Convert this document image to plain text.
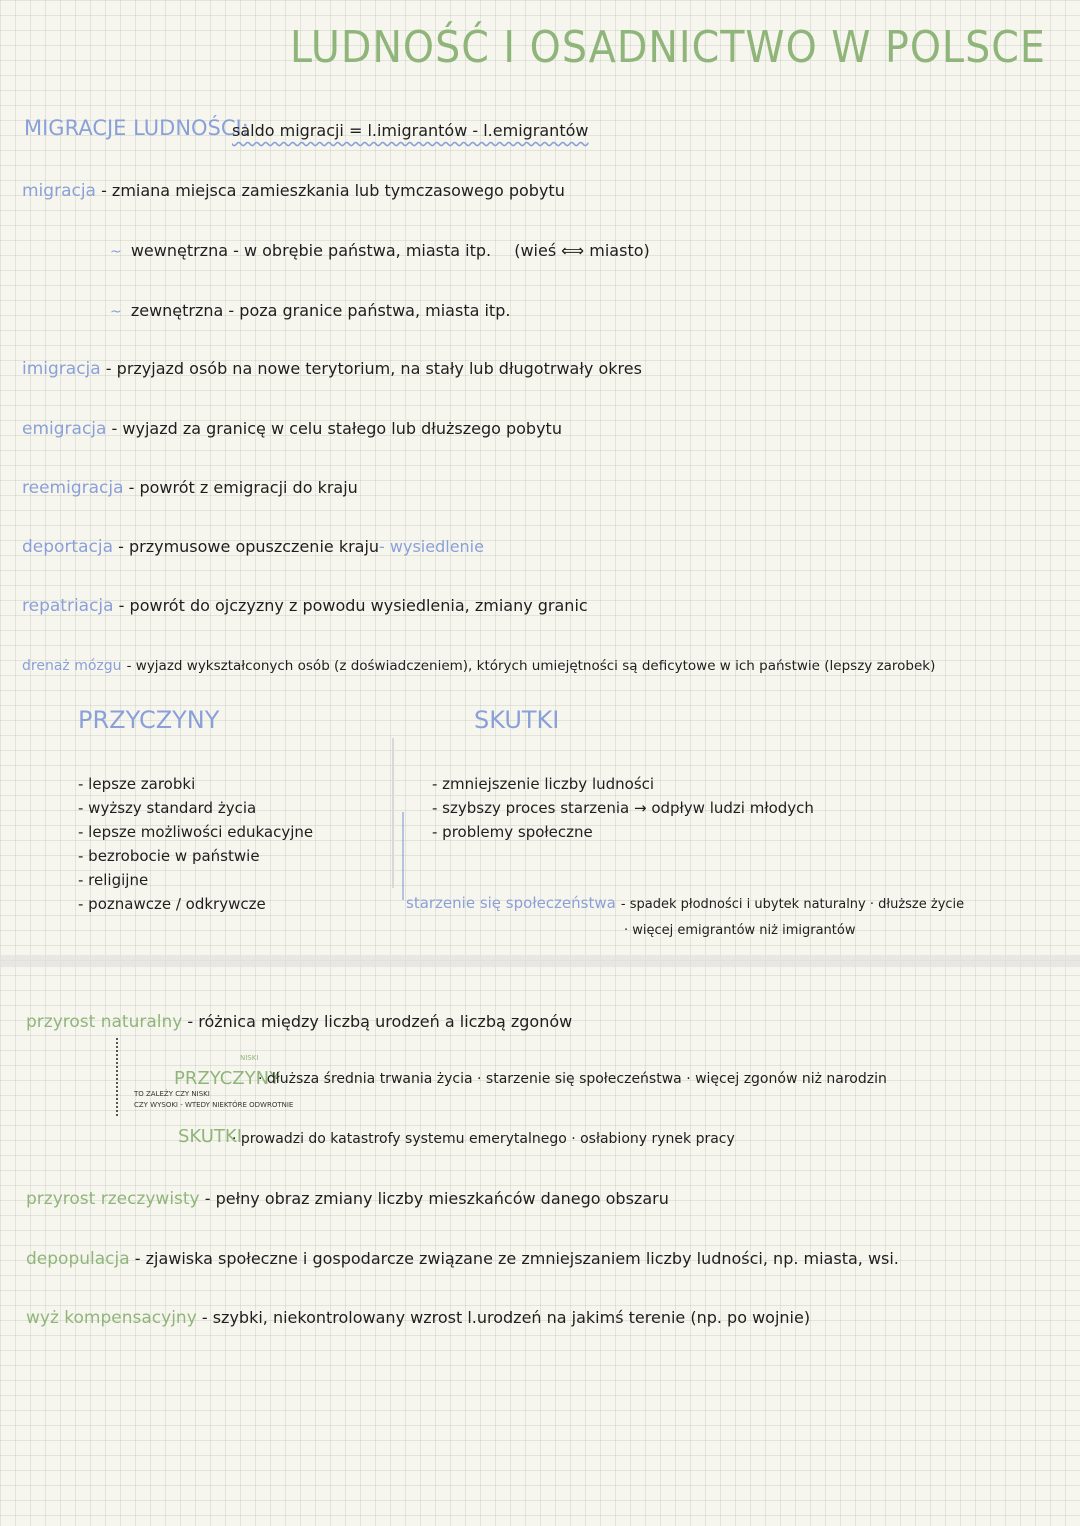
LUDNOŚĆ I OSADNICTWO W POLSCE
MIGRACJE LUDNOŚCI:
saldo migracji = l.imigrantów - l.emigrantów
migracja - zmiana miejsca zamieszkania lub tymczasowego pobytu
~ wewnętrzna - w obrębie państwa, miasta itp. (wieś ⟺ miasto)
~ zewnętrzna - poza granice państwa, miasta itp.
imigracja - przyjazd osób na nowe terytorium, na stały lub długotrwały okres
emigracja - wyjazd za granicę w celu stałego lub dłuższego pobytu
reemigracja - powrót z emigracji do kraju
deportacja - przymusowe opuszczenie kraju- wysiedlenie
repatriacja - powrót do ojczyzny z powodu wysiedlenia, zmiany granic
drenaż mózgu - wyjazd wykształconych osób (z doświadczeniem), których umiejętności są deficytowe w ich państwie (lepszy zarobek)
PRZYCZYNY	SKUTKI
- lepsze zarobki
- wyższy standard życia
- lepsze możliwości edukacyjne
- bezrobocie w państwie
- religijne
- poznawcze / odkrywcze
- zmniejszenie liczby ludności
- szybszy proces starzenia → odpływ ludzi młodych
- problemy społeczne
starzenie się społeczeństwa - spadek płodności i ubytek naturalny · dłuższe życie
· więcej emigrantów niż imigrantów
przyrost naturalny - różnica między liczbą urodzeń a liczbą zgonów
NISKI
PRZYCZYNY
· dłuższa średnia trwania życia · starzenie się społeczeństwa · więcej zgonów niż narodzin
TO ZALEŻY CZY NISKI
CZY WYSOKI - WTEDY NIEKTÓRE ODWROTNIE
SKUTKI
· prowadzi do katastrofy systemu emerytalnego · osłabiony rynek pracy
przyrost rzeczywisty - pełny obraz zmiany liczby mieszkańców danego obszaru
depopulacja - zjawiska społeczne i gospodarcze związane ze zmniejszaniem liczby ludności, np. miasta, wsi.
wyż kompensacyjny - szybki, niekontrolowany wzrost l.urodzeń na jakimś terenie (np. po wojnie)
